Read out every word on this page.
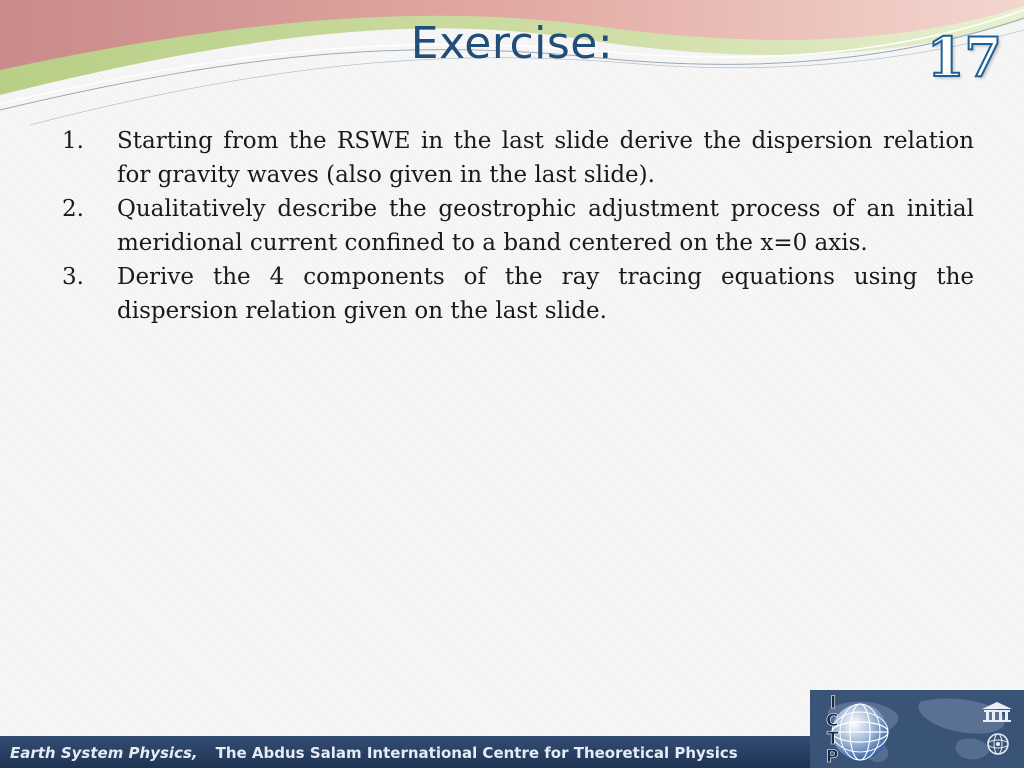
Exercise:	17
1. Starting from the RSWE in the last slide derive the dispersion relation for gravity waves (also given in the last slide).
2. Qualitatively describe the geostrophic adjustment process of an initial meridional current confined to a band centered on the x=0 axis.
3. Derive the 4 components of the ray tracing equations using the dispersion relation given on the last slide.
Earth System Physics, The Abdus Salam International Centre for Theoretical Physics
I
C
T
P
